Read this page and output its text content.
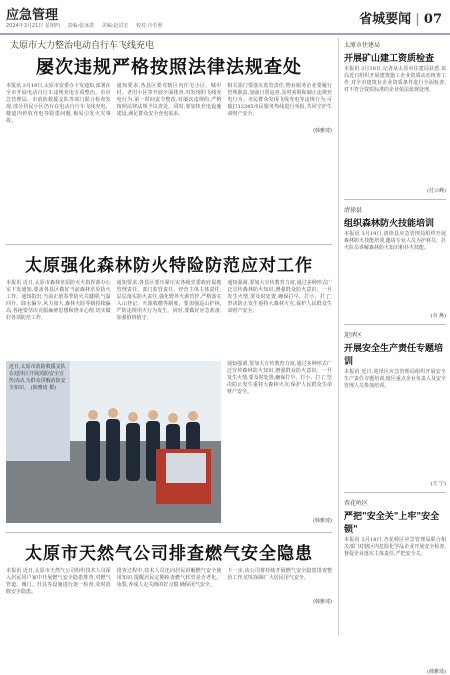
应急管理
2024年3月21日 星期四 责编:张冰湛 美编:赵沼宏 校对:冷若莉	省城要闻 | 07
太原市大力整治电动自行车飞线充电
屡次违规严格按照法律法规查处
本报讯 3月19日,太原市安委办下发通知,部署在全市开展电动自行车违规充电专项整治。市应急管理局、市消防救援支队等部门联合检查发现,部分居民小区仍存在电动自行车飞线充电、楼道内停放充电等隐患问题,极易引发火灾事故。
通知要求,各县区要对辖区内住宅小区、城中村、老旧小区等开展全面排查,对发现的飞线充电行为,第一时间责令整改;对屡次违规的,严格按照法律法规予以查处。同时,要加快充电设施建设,满足群众安全充电需求。
相关部门要落实监管责任,物业服务企业要履行管理职责,加强日常巡查,及时劝阻和制止违规充电行为。市民群众发现飞线充电等违规行为,可拨打12345市民服务热线进行举报,共同守护生命财产安全。
(韩雅琦)
太原强化森林防火特险防范应对工作
本报讯 近日,太原市森林草原防灭火指挥部办公室下发通知,要求各县区做好当前森林草原防火工作。通知指出,当前正值春季防火关键期,气温回升、降水偏少,风力加大,森林火险等级持续偏高,各地要坚决克服麻痹思想和侥幸心理,切实做好各项防范工作。
通知要求,各县区要压紧压实各级党委政府属地管理责任、部门监管责任、经营主体主体责任,层层落实防火责任,强化野外火源管控,严格落实入山登记、火源收缴等制度。要加强巡山护林,严防违规用火行为发生。同时,要做好应急准备,加强值班值守。
通知强调,要加大宣传教育力度,通过多种形式广泛宣传森林防火知识,增强群众防火意识。一旦发生火情,要及时处置,确保打早、打小、打了,坚决防止发生重特大森林火灾,保护人民群众生命财产安全。
近日,太原市消防救援支队在迎泽区开展消防安全宣传活动,为群众讲解消防安全知识。 (韩雅琦 摄)
通知强调,要加大宣传教育力度,通过多种形式广泛宣传森林防火知识,增强群众防火意识。一旦发生火情,要及时处置,确保打早、打小、打了,坚决防止发生重特大森林火灾,保护人民群众生命财产安全。
(韩雅琦)
太原市天然气公司排查燃气安全隐患
本报讯 近日,太原市天然气公司组织技术人员深入居民用户家中开展燃气安全隐患排查,对燃气管道、阀门、灶具等设施进行逐一检查,及时消除安全隐患。
排查过程中,技术人员还向居民讲解燃气安全使用知识,提醒居民定期检查燃气软管是否老化、龟裂,养成人走关阀的好习惯,确保用气安全。
下一步,该公司将持续开展燃气安全隐患排查整治工作,切实保障广大居民用气安全。
(韩雅琦)
太原市住建局
开展矿山建工资质检查
本报讯 3月18日,记者从太原市住建局获悉,该局近日组织开展建筑施工企业资质动态核查工作,对全市建筑业企业资质条件进行全面检查,对不符合资质标准的企业依法依规处理。
(付云峰)
清徐县
组织森林防火技能培训
本报讯 3月19日,清徐县应急管理局组织开展森林防火技能培训,邀请专业人员为护林员、扑火队员讲解森林防火知识和扑火技能。
(余 燕)
迎泽区
开展安全生产责任专题培训
本报讯 近日,迎泽区应急管理局组织开展安全生产责任专题培训,辖区重点企业负责人及安全管理人员参加培训。
(王 宁)
杏花岭区
严把"安全关"上牢"安全锁"
本报讯 3月18日,杏花岭区应急管理局联合相关部门对辖区内危险化学品企业开展安全检查,督促企业落实主体责任,严把安全关。
(韩雅琦)
